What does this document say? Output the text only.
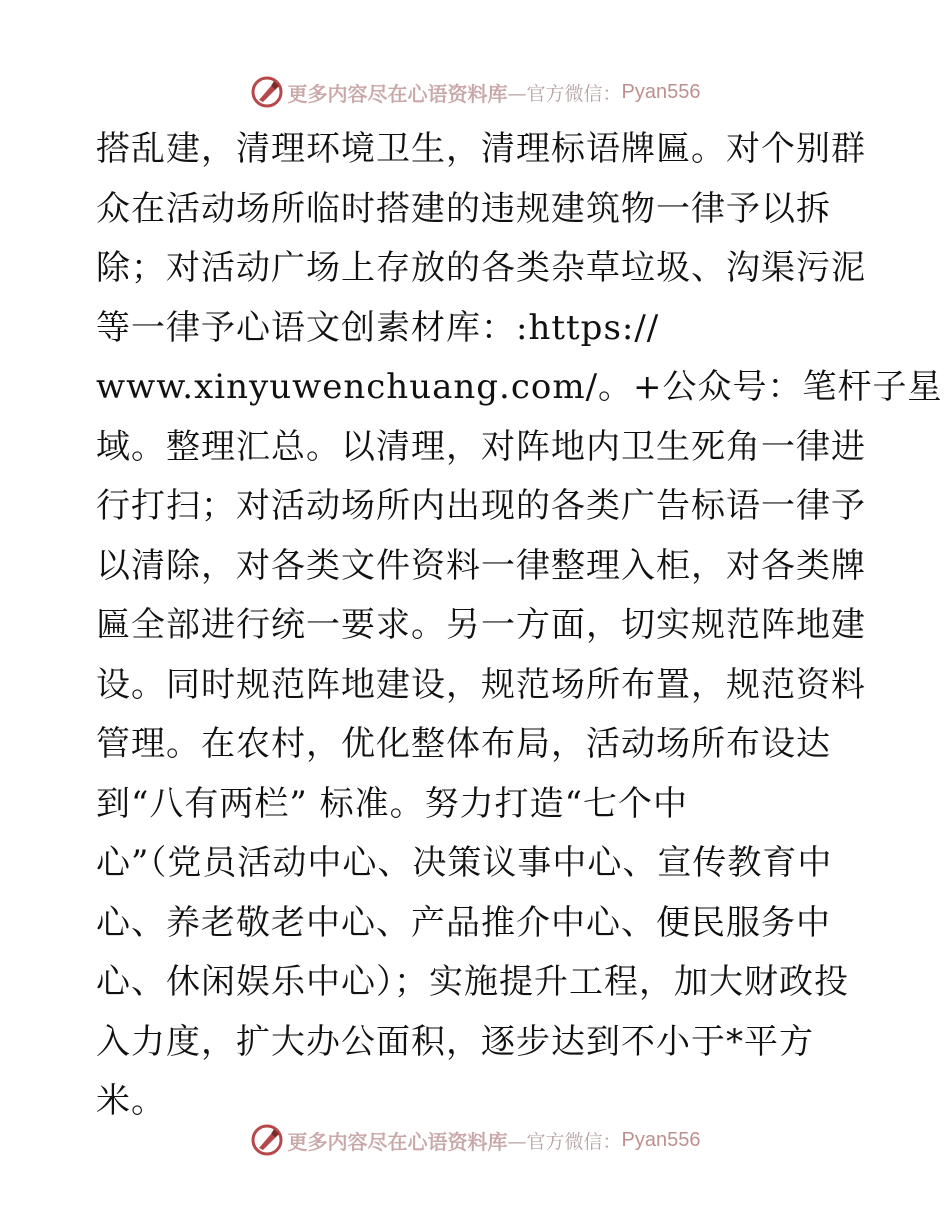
更多内容尽在心语资料库 —官方微信： Pyan556
搭乱建，清理环境卫生，清理标语牌匾。对个别群
众在活动场所临时搭建的违规建筑物一律予以拆
除；对活动广场上存放的各类杂草垃圾、沟渠污泥
等一律予心语文创素材库：:https://
www.xinyuwenchuang.com/。+公众号：笔杆子星
域。整理汇总。以清理，对阵地内卫生死角一律进
行打扫；对活动场所内出现的各类广告标语一律予
以清除，对各类文件资料一律整理入柜，对各类牌
匾全部进行统一要求。另一方面，切实规范阵地建
设。同时规范阵地建设，规范场所布置，规范资料
管理。在农村，优化整体布局，活动场所布设达
到“八有两栏” 标准。努力打造“七个中
心”（党员活动中心、决策议事中心、宣传教育中
心、养老敬老中心、产品推介中心、便民服务中
心、休闲娱乐中心）；实施提升工程，加大财政投
入力度，扩大办公面积，逐步达到不小于*平方
米。
更多内容尽在心语资料库 —官方微信： Pyan556
